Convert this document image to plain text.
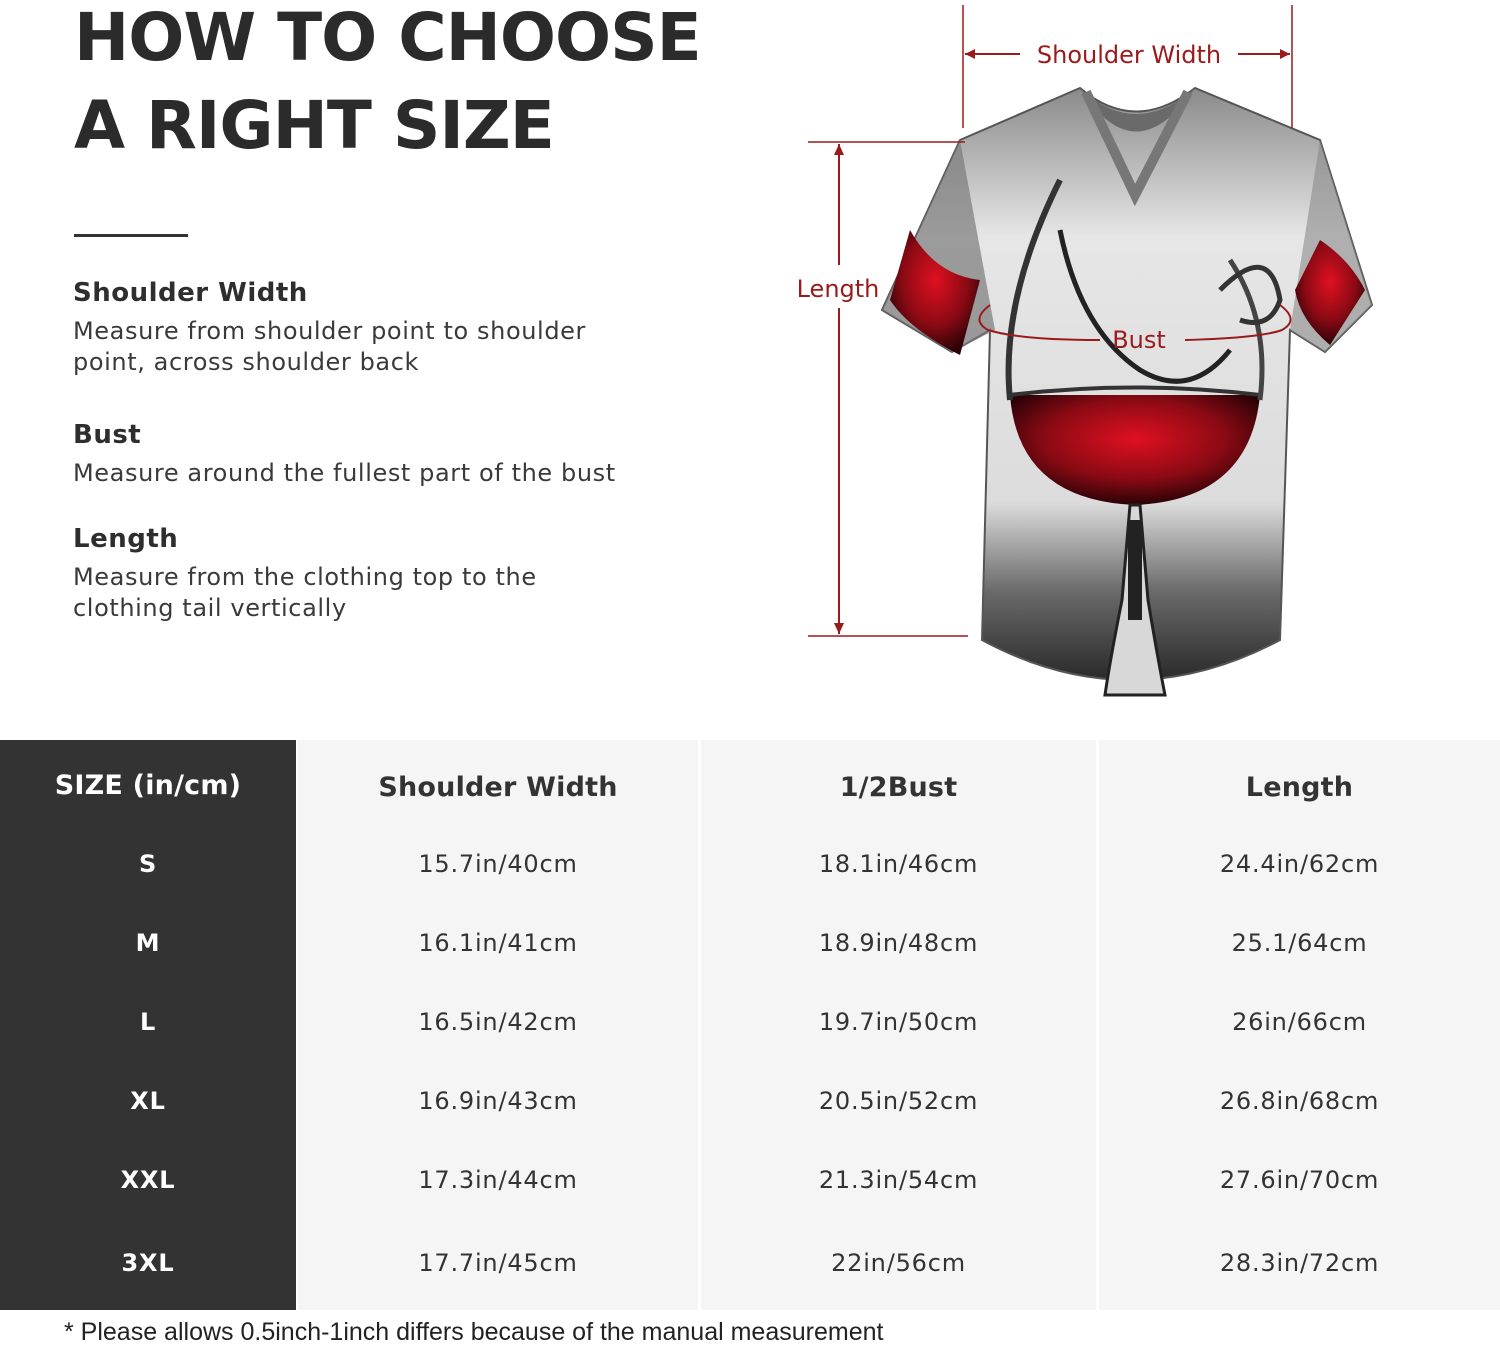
HOW TO CHOOSE
A RIGHT SIZE
Shoulder Width

Measure from shoulder point to shoulder point, across shoulder back

Bust

Measure around the fullest part of the bust

Length

Measure from the clothing top to the clothing tail vertically

Shoulder Width
Length
Bust
SIZE (in/cm)
S
M
L
XL
XXL
3XL
Shoulder Width
15.7in/40cm
16.1in/41cm
16.5in/42cm
16.9in/43cm
17.3in/44cm
17.7in/45cm
1/2Bust
18.1in/46cm
18.9in/48cm
19.7in/50cm
20.5in/52cm
21.3in/54cm
22in/56cm
Length
24.4in/62cm
25.1/64cm
26in/66cm
26.8in/68cm
27.6in/70cm
28.3in/72cm

* Please allows 0.5inch-1inch differs because of the manual measurement
